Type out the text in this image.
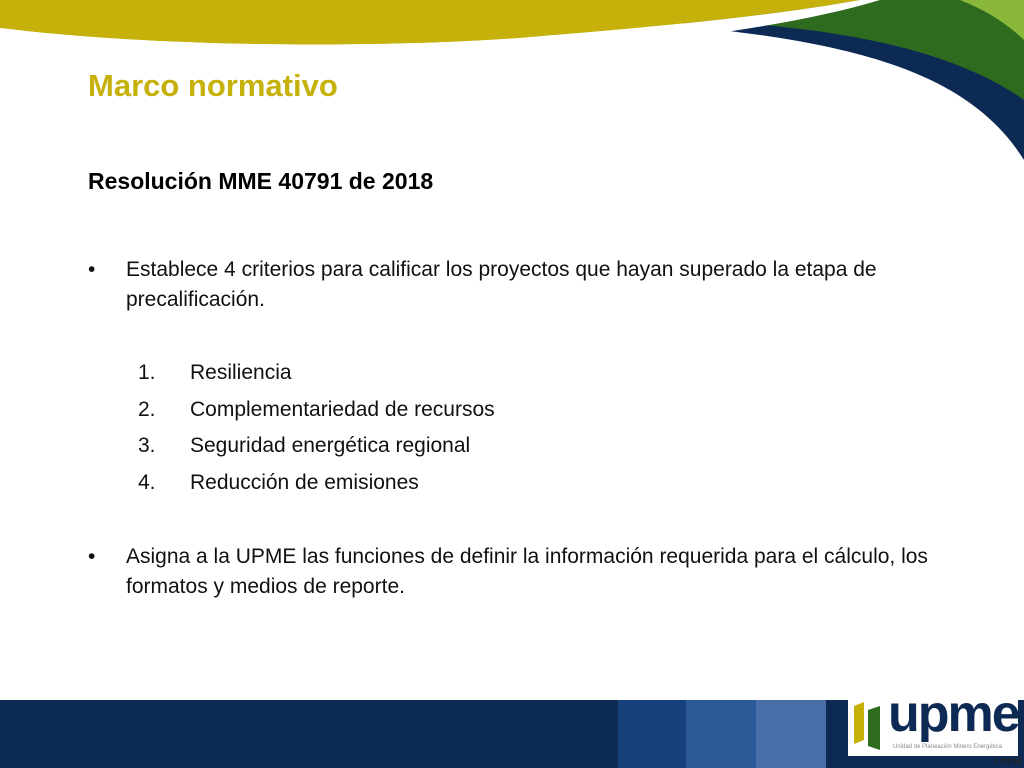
Marco normativo
Resolución MME 40791 de 2018
• Establece 4 criterios para calificar los proyectos que hayan superado la etapa de precalificación.
1. Resiliencia
2. Complementariedad de recursos
3. Seguridad energética regional
4. Reducción de emisiones
• Asigna a la UPME las funciones de definir la información requerida para el cálculo, los formatos y medios de reporte.
upme
Unidad de Planeación Minero Energética
F-DI-04
